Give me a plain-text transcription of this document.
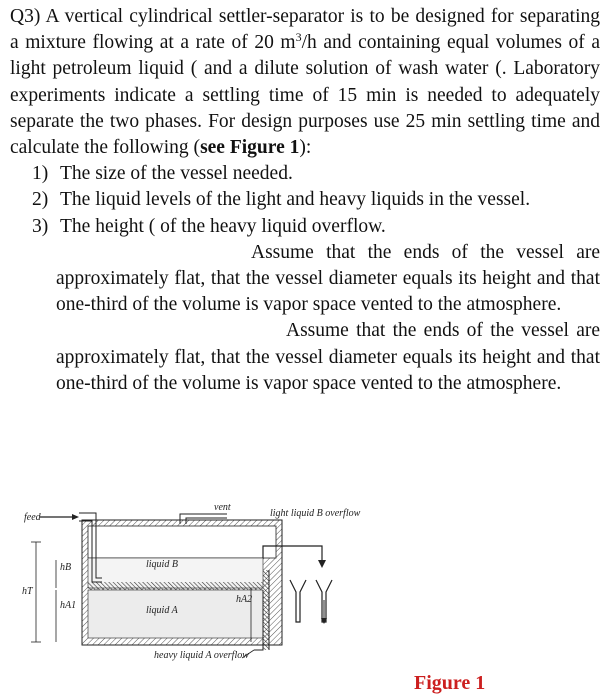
Q3) A vertical cylindrical settler-separator is to be designed for separating a mixture flowing at a rate of 20 $m^3/h$ and containing equal volumes of a light petroleum liquid ( and a dilute solution of wash water (. Laboratory experiments indicate a settling time of 15 min is needed to adequately separate the two phases. For design purposes use 25 min settling time and calculate the following (see Figure 1):

1) The size of the vessel needed.
2) The liquid levels of the light and heavy liquids in the vessel.
3) The height ( of the heavy liquid overflow.

Assume that the ends of the vessel are approximately flat, that the vessel diameter equals its height and that one-third of the volume is vapor space vented to the atmosphere.

Assume that the ends of the vessel are approximately flat, that the vessel diameter equals its height and that one-third of the volume is vapor space vented to the atmosphere.

feed
vent
light liquid B overflow
liquid B
liquid A
hB
hT
hA1
hA2
heavy liquid A overflow
Figure 1
